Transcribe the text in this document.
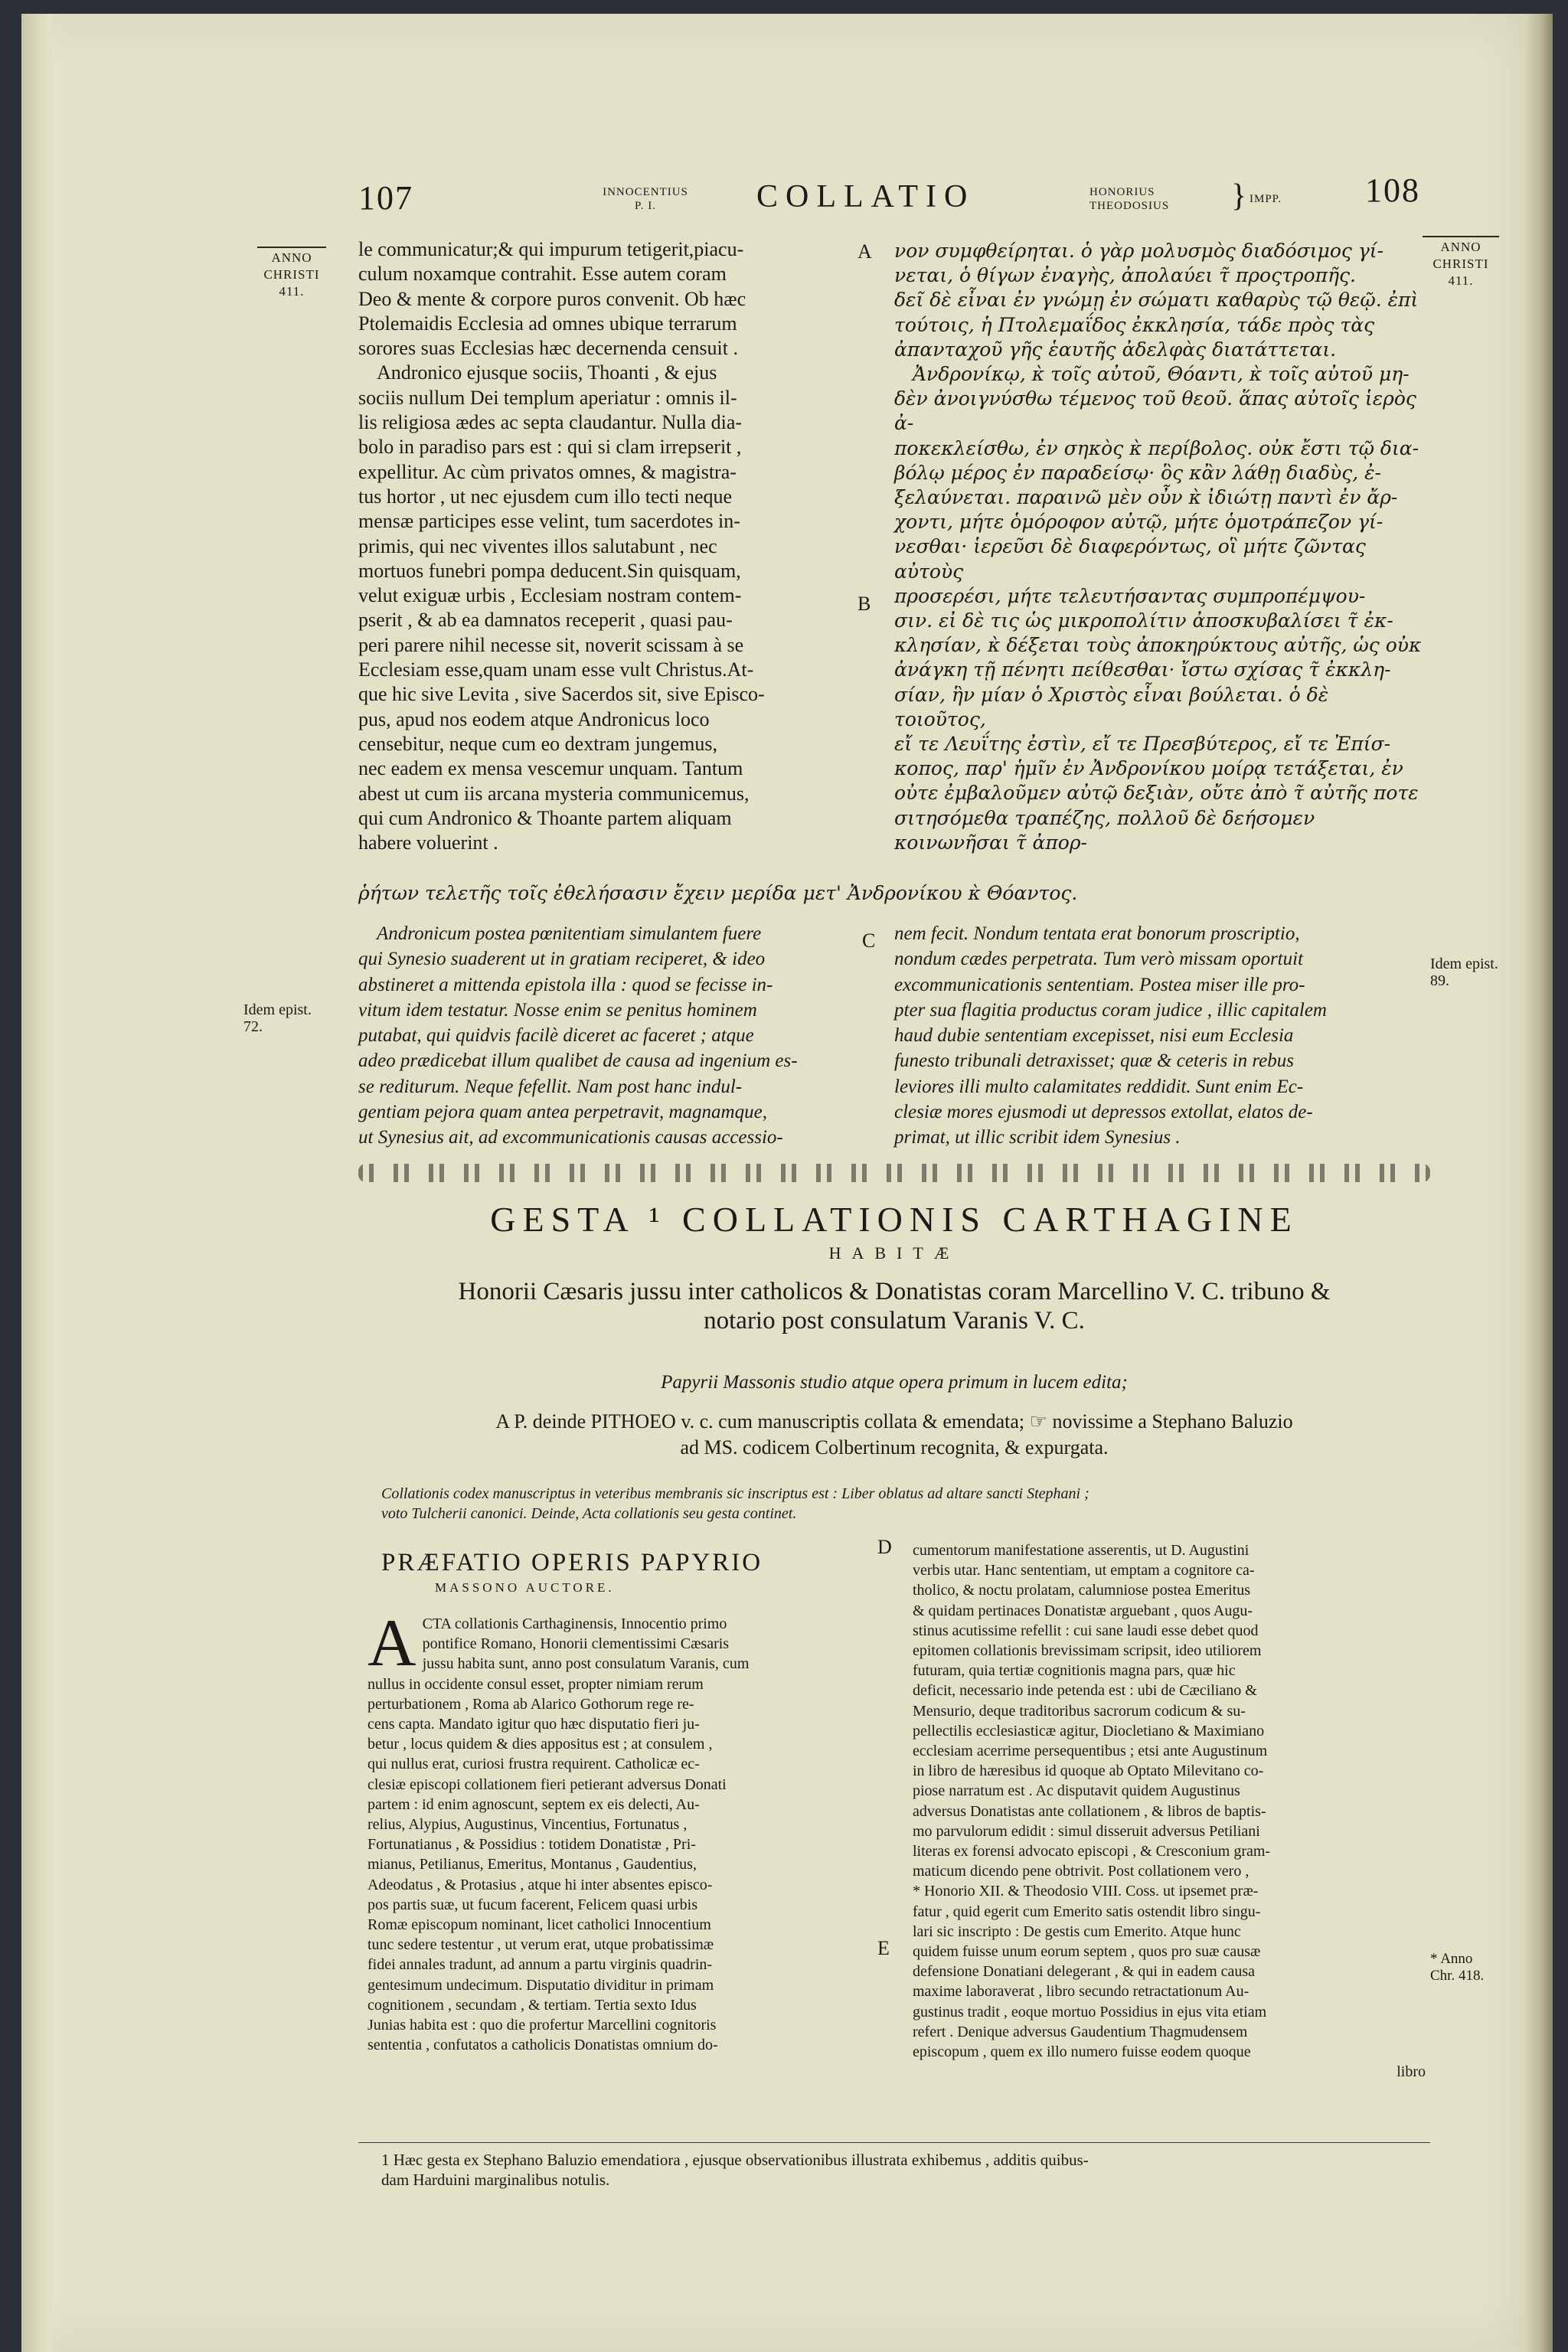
107	INNOCENTIUS
P. I.	COLLATIO	HONORIUS
THEODOSIUS } IMPP. 108
ANNO
CHRISTI
411.
ANNO
CHRISTI
411.
Idem epist.
72.
Idem epist.
89.
* Anno
Chr. 418.
A
B
C
D
E

le communicatur;& qui impurum tetigerit,piacu-

culum noxamque contrahit. Esse autem coram

Deo & mente & corpore puros convenit. Ob hæc

Ptolemaidis Ecclesia ad omnes ubique terrarum

sorores suas Ecclesias hæc decernenda censuit .

Andronico ejusque sociis, Thoanti , & ejus

sociis nullum Dei templum aperiatur : omnis il-

lis religiosa ædes ac septa claudantur. Nulla dia-

bolo in paradiso pars est : qui si clam irrepserit ,

expellitur. Ac cùm privatos omnes, & magistra-

tus hortor , ut nec ejusdem cum illo tecti neque

mensæ participes esse velint, tum sacerdotes in-

primis, qui nec viventes illos salutabunt , nec

mortuos funebri pompa deducent.Sin quisquam,

velut exiguæ urbis , Ecclesiam nostram contem-

pserit , & ab ea damnatos receperit , quasi pau-

peri parere nihil necesse sit, noverit scissam à se

Ecclesiam esse,quam unam esse vult Christus.At-

que hic sive Levita , sive Sacerdos sit, sive Episco-

pus, apud nos eodem atque Andronicus loco

censebitur, neque cum eo dextram jungemus,

nec eadem ex mensa vescemur unquam. Tantum

abest ut cum iis arcana mysteria communicemus,

qui cum Andronico & Thoante partem aliquam

habere voluerint .

νον συμφθείρηται. ὁ γὰρ μολυσμὸς διαδόσιμος γί-

νεται, ὁ θίγων ἐναγὴς, ἀπολαύει τ̃ προςτροπῆς.

δεῖ δὲ εἶναι ἐν γνώμῃ ἐν σώματι καθαρὺς τῷ θεῷ. ἐπὶ

τούτοις, ἡ Πτολεμαΐδος ἐκκλησία, τάδε πρὸς τὰς

ἀπανταχοῦ γῆς ἑαυτῆς ἀδελφὰς διατάττεται.

Ἀνδρονίκῳ, κ̀ τοῖς αὐτοῦ, Θόαντι, κ̀ τοῖς αὐτοῦ μη-

δὲν ἀνοιγνύσθω τέμενος τοῦ θεοῦ. ἅπας αὐτοῖς ἱερὸς ἀ-

ποκεκλείσθω, ἐν σηκὸς κ̀ περίβολος. οὐκ ἔστι τῷ δια-

βόλῳ μέρος ἐν παραδείσῳ· ὃς κἂν λάθῃ διαδὺς, ἐ-

ξελαύνεται. παραινῶ μὲν οὖν κ̀ ἰδιώτῃ παντὶ ἐν ἄρ-

χοντι, μήτε ὁμόροφον αὐτῷ, μήτε ὁμοτράπεζον γί-

νεσθαι· ἱερεῦσι δὲ διαφερόντως, οἳ μήτε ζῶντας αὐτοὺς

προσερέσι, μήτε τελευτήσαντας συμπροπέμψου-

σιν. εἰ δὲ τις ὡς μικροπολίτιν ἀποσκυβαλίσει τ̃ ἐκ-

κλησίαν, κ̀ δέξεται τοὺς ἀποκηρύκτους αὐτῆς, ὡς οὐκ

ἀνάγκη τῇ πένητι πείθεσθαι· ἴστω σχίσας τ̃ ἐκκλη-

σίαν, ἣν μίαν ὁ Χριστὸς εἶναι βούλεται. ὁ δὲ τοιοῦτος,

εἴ τε Λευΐτης ἐστὶν, εἴ τε Πρεσβύτερος, εἴ τε Ἐπίσ-

κοπος, παρ' ἡμῖν ἐν Ἀνδρονίκου μοίρᾳ τετάξεται, ἐν

οὐτε ἐμβαλοῦμεν αὐτῷ δεξιὰν, οὔτε ἀπὸ τ̃ αὐτῆς ποτε

σιτησόμεθα τραπέζης, πολλοῦ δὲ δεήσομεν κοινωνῆσαι τ̃ ἀπορ-

ῥήτων τελετῆς τοῖς ἐθελήσασιν ἔχειν μερίδα μετ' Ἀνδρονίκου κ̀ Θόαντος.

Andronicum postea pœnitentiam simulantem fuere

qui Synesio suaderent ut in gratiam reciperet, & ideo

abstineret a mittenda epistola illa : quod se fecisse in-

vitum idem testatur. Nosse enim se penitus hominem

putabat, qui quidvis facilè diceret ac faceret ; atque

adeo prædicebat illum qualibet de causa ad ingenium es-

se rediturum. Neque fefellit. Nam post hanc indul-

gentiam pejora quam antea perpetravit, magnamque,

ut Synesius ait, ad excommunicationis causas accessio-

nem fecit. Nondum tentata erat bonorum proscriptio,

nondum cædes perpetrata. Tum verò missam oportuit

excommunicationis sententiam. Postea miser ille pro-

pter sua flagitia productus coram judice , illic capitalem

haud dubie sententiam excepisset, nisi eum Ecclesia

funesto tribunali detraxisset; quæ & ceteris in rebus

leviores illi multo calamitates reddidit. Sunt enim Ec-

clesiæ mores ejusmodi ut depressos extollat, elatos de-

primat, ut illic scribit idem Synesius .

GESTA ¹ COLLATIONIS CARTHAGINE
HABITÆ
Honorii Cæsaris jussu inter catholicos & Donatistas coram Marcellino V. C. tribuno &
notario post consulatum Varanis V. C.
Papyrii Massonis studio atque opera primum in lucem edita;
A P. deinde PITHOEO v. c. cum manuscriptis collata & emendata; ☞ novissime a Stephano Baluzio
ad MS. codicem Colbertinum recognita, & expurgata.
Collationis codex manuscriptus in veteribus membranis sic inscriptus est : Liber oblatus ad altare sancti Stephani ;
voto Tulcherii canonici. Deinde, Acta collationis seu gesta continet.
PRÆFATIO OPERIS PAPYRIO
MASSONO AUCTORE.
A CTA collationis Carthaginensis, Innocentio primo

pontifice Romano, Honorii clementissimi Cæsaris

jussu habita sunt, anno post consulatum Varanis, cum

nullus in occidente consul esset, propter nimiam rerum

perturbationem , Roma ab Alarico Gothorum rege re-

cens capta. Mandato igitur quo hæc disputatio fieri ju-

betur , locus quidem & dies appositus est ; at consulem ,

qui nullus erat, curiosi frustra requirent. Catholicæ ec-

clesiæ episcopi collationem fieri petierant adversus Donati

partem : id enim agnoscunt, septem ex eis delecti, Au-

relius, Alypius, Augustinus, Vincentius, Fortunatus ,

Fortunatianus , & Possidius : totidem Donatistæ , Pri-

mianus, Petilianus, Emeritus, Montanus , Gaudentius,

Adeodatus , & Protasius , atque hi inter absentes episco-

pos partis suæ, ut fucum facerent, Felicem quasi urbis

Romæ episcopum nominant, licet catholici Innocentium

tunc sedere testentur , ut verum erat, utque probatissimæ

fidei annales tradunt, ad annum a partu virginis quadrin-

gentesimum undecimum. Disputatio dividitur in primam

cognitionem , secundam , & tertiam. Tertia sexto Idus

Junias habita est : quo die profertur Marcellini cognitoris

sententia , confutatos a catholicis Donatistas omnium do-

cumentorum manifestatione asserentis, ut D. Augustini

verbis utar. Hanc sententiam, ut emptam a cognitore ca-

tholico, & noctu prolatam, calumniose postea Emeritus

& quidam pertinaces Donatistæ arguebant , quos Augu-

stinus acutissime refellit : cui sane laudi esse debet quod

epitomen collationis brevissimam scripsit, ideo utiliorem

futuram, quia tertiæ cognitionis magna pars, quæ hic

deficit, necessario inde petenda est : ubi de Cæciliano &

Mensurio, deque traditoribus sacrorum codicum & su-

pellectilis ecclesiasticæ agitur, Diocletiano & Maximiano

ecclesiam acerrime persequentibus ; etsi ante Augustinum

in libro de hæresibus id quoque ab Optato Milevitano co-

piose narratum est . Ac disputavit quidem Augustinus

adversus Donatistas ante collationem , & libros de baptis-

mo parvulorum edidit : simul disseruit adversus Petiliani

literas ex forensi advocato episcopi , & Cresconium gram-

maticum dicendo pene obtrivit. Post collationem vero ,

* Honorio XII. & Theodosio VIII. Coss. ut ipsemet præ-

fatur , quid egerit cum Emerito satis ostendit libro singu-

lari sic inscripto : De gestis cum Emerito. Atque hunc

quidem fuisse unum eorum septem , quos pro suæ causæ

defensione Donatiani delegerant , & qui in eadem causa

maxime laboraverat , libro secundo retractationum Au-

gustinus tradit , eoque mortuo Possidius in ejus vita etiam

refert . Denique adversus Gaudentium Thagmudensem

episcopum , quem ex illo numero fuisse eodem quoque

libro

1 Hæc gesta ex Stephano Baluzio emendatiora , ejusque observationibus illustrata exhibemus , additis quibus-
dam Harduini marginalibus notulis.
